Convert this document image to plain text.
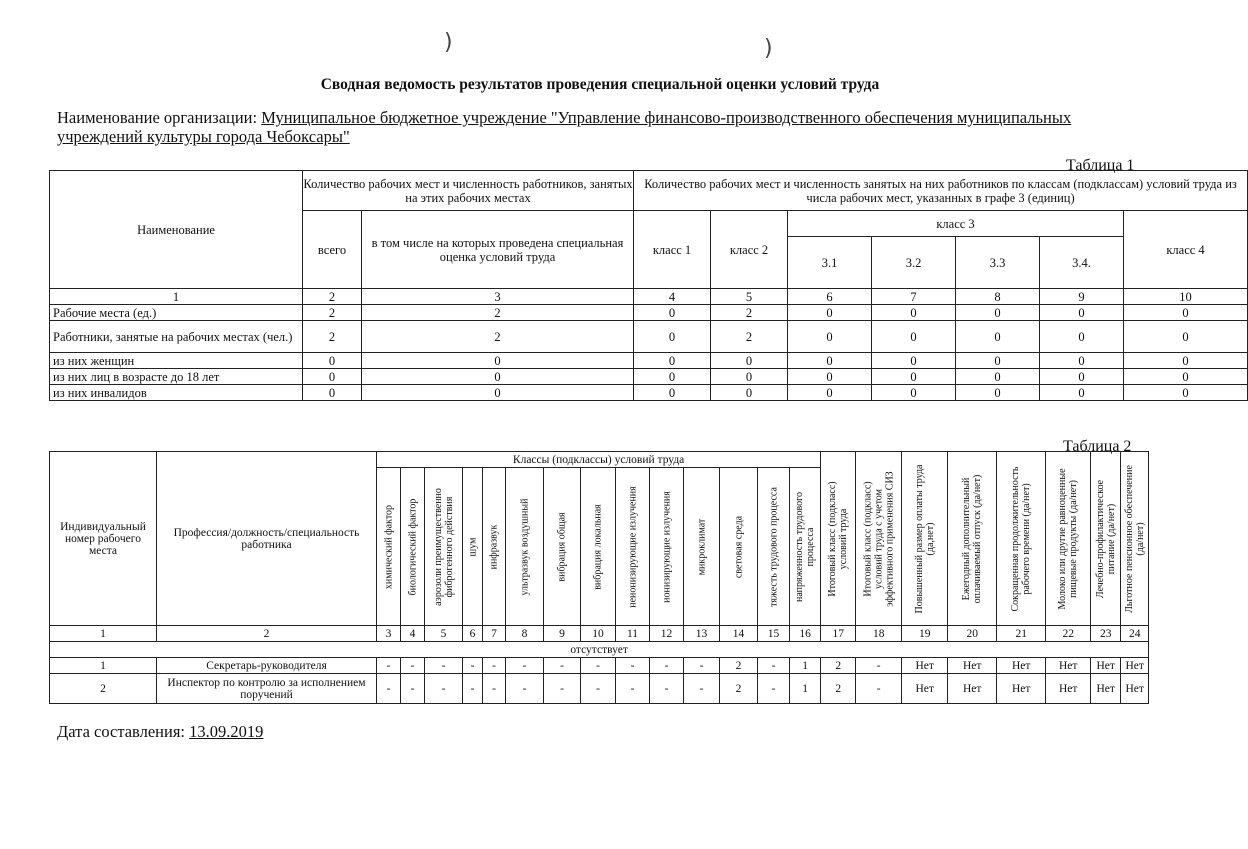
)	)
Сводная ведомость результатов проведения специальной оценки условий труда
Наименование организации: Муниципальное бюджетное учреждение "Управление финансово-производственного обеспечения муниципальных учреждений культуры города Чебоксары"
Таблица 1
Наименование	Количество рабочих мест и численность работников, занятых на этих рабочих местах		Количество рабочих мест и численность занятых на них работников по классам (подклассам) условий труда из числа рабочих мест, указанных в графе 3 (единиц)						
	всего	в том числе на которых проведена специальная оценка условий труда	класс 1	класс 2	класс 3				класс 4
					3.1	3.2	3.3	3.4.	
1	2	3	4	5	6	7	8	9	10
Рабочие места (ед.)	2	2	0	2	0	0	0	0	0
Работники, занятые на рабочих местах (чел.)	2	2	0	2	0	0	0	0	0
из них женщин	0	0	0	0	0	0	0	0	0
из них лиц в возрасте до 18 лет	0	0	0	0	0	0	0	0	0
из них инвалидов	0	0	0	0	0	0	0	0	0
Таблица 2
Индивидуальный номер рабочего места	Профессия/должность/специальность работника	Классы (подклассы) условий труда														Итоговый класс (подкласс) условий труда	Итоговый класс (подкласс) условий труда с учетом эффективного применения СИЗ	Повышенный размер оплаты труда (да,нет)	Ежегодный дополнительный оплачиваемый отпуск (да/нет)	Сокращенная продолжительность рабочего времени (да/нет)	Молоко или другие равноценные пищевые продукты (да/нет)	Лечебно-профилактическое питание (да/нет)	Льготное пенсионное обеспечение (да/нет)

		химический фактор	биологический фактор	аэрозоли преимущественно фиброгенного действия	шум	инфразвук	ультразвук воздушный	вибрация общая	вибрация локальная	неионизирующие излучения	ионизирующие излучения	микроклимат	световая среда	тяжесть трудового процесса	напряженность трудового процесса								

1	2	3	4	5	6	7	8	9	10	11	12	13	14	15	16	17	18	19	20	21	22	23	24
отсутствует																							
1	Секретарь-руководителя	-	-	-	-	-	-	-	-	-	-	-	2	-	1	2	-	Нет	Нет	Нет	Нет	Нет	Нет
2	Инспектор по контролю за исполнением поручений	-	-	-	-	-	-	-	-	-	-	-	2	-	1	2	-	Нет	Нет	Нет	Нет	Нет	Нет
Дата составления: 13.09.2019
